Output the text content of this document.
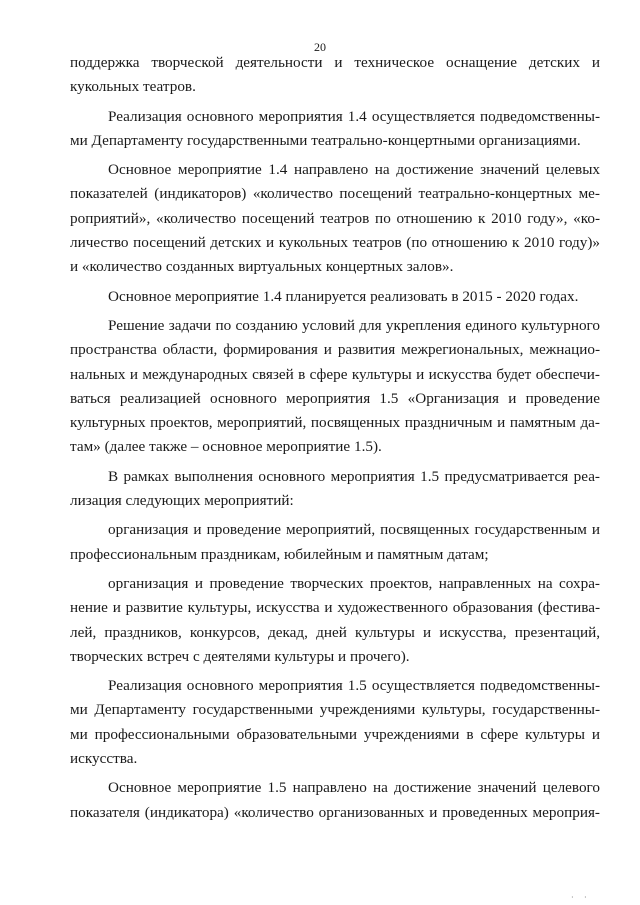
20

поддержка творческой деятельности и техническое оснащение детских и
кукольных театров.

Реализация основного мероприятия 1.4 осуществляется подведомственны-
ми Департаменту государственными театрально-концертными организациями.

Основное мероприятие 1.4 направлено на достижение значений целевых
показателей (индикаторов) «количество посещений театрально-концертных ме-
роприятий», «количество посещений театров по отношению к 2010 году», «ко-
личество посещений детских и кукольных театров (по отношению к 2010 году)»
и «количество созданных виртуальных концертных залов».

Основное мероприятие 1.4 планируется реализовать в 2015 - 2020 годах.

Решение задачи по созданию условий для укрепления единого культурного
пространства области, формирования и развития межрегиональных, межнацио-
нальных и международных связей в сфере культуры и искусства будет обеспечи-
ваться реализацией основного мероприятия 1.5 «Организация и проведение
культурных проектов, мероприятий, посвященных праздничным и памятным да-
там» (далее также – основное мероприятие 1.5).

В рамках выполнения основного мероприятия 1.5 предусматривается реа-
лизация следующих мероприятий:

организация и проведение мероприятий, посвященных государственным и
профессиональным праздникам, юбилейным и памятным датам;

организация и проведение творческих проектов, направленных на сохра-
нение и развитие культуры, искусства и художественного образования (фестива-
лей, праздников, конкурсов, декад, дней культуры и искусства, презентаций,
творческих встреч с деятелями культуры и прочего).

Реализация основного мероприятия 1.5 осуществляется подведомственны-
ми Департаменту государственными учреждениями культуры, государственны-
ми профессиональными образовательными учреждениями в сфере культуры и
искусства.

Основное мероприятие 1.5 направлено на достижение значений целевого
показателя (индикатора) «количество организованных и проведенных мероприя-

· ·
